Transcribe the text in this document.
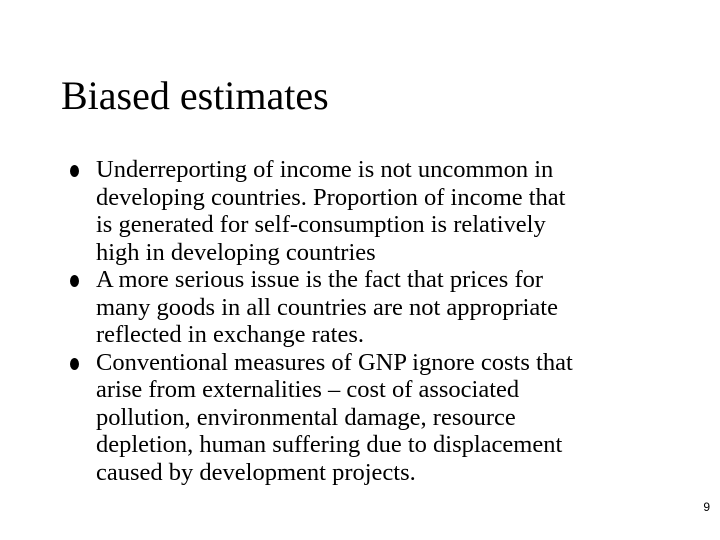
Biased estimates
Underreporting of income is not uncommon in
developing countries. Proportion of income that
is generated for self-consumption is relatively
high in developing countries
A more serious issue is the fact that prices for
many goods in all countries are not appropriate
reflected in exchange rates.
Conventional measures of GNP ignore costs that
arise from externalities – cost of associated
pollution, environmental damage, resource
depletion, human suffering due to displacement
caused by development projects.
9
